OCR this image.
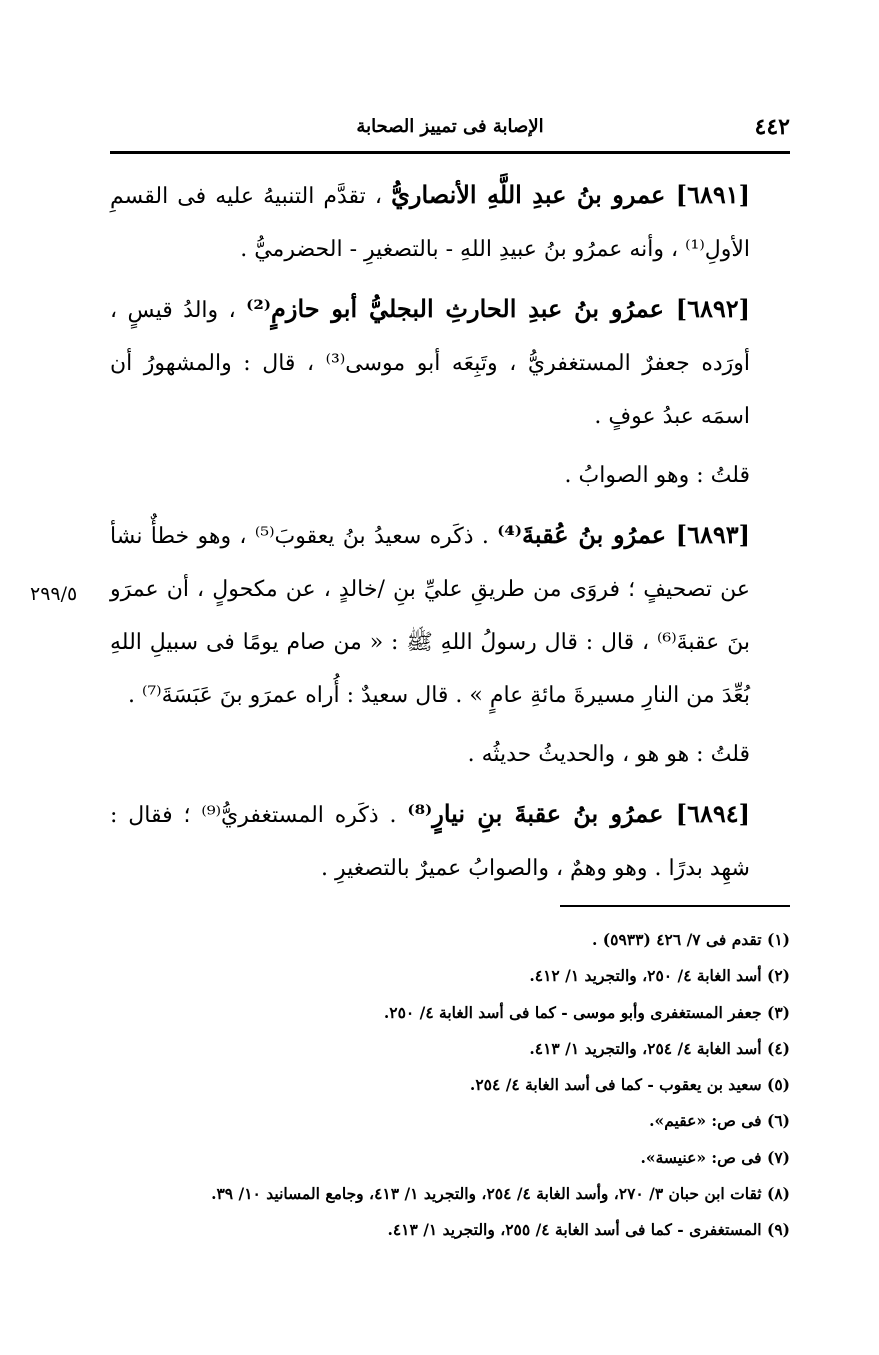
٤٤٢
الإصابة فى تمييز الصحابة
٢٩٩/٥

[٦٨٩١] عمرو بنُ عبدِ اللَّهِ الأنصاريُّ ، تقدَّم التنبيهُ عليه فى القسمِ الأولِ⁽¹⁾ ، وأنه عمرُو بنُ عبيدِ اللهِ - بالتصغيرِ - الحضرميُّ .

[٦٨٩٢] عمرُو بنُ عبدِ الحارثِ البجليُّ أبو حازمٍ⁽²⁾ ، والدُ قيسٍ ، أورَده جعفرٌ المستغفريُّ ، وتَبِعَه أبو موسى⁽³⁾ ، قال : والمشهورُ أن اسمَه عبدُ عوفٍ .

قلتُ : وهو الصوابُ .

[٦٨٩٣] عمرُو بنُ عُقبةَ⁽⁴⁾ . ذكَره سعيدُ بنُ يعقوبَ⁽⁵⁾ ، وهو خطأٌ نشأ عن تصحيفٍ ؛ فروَى من طريقِ عليِّ بنِ /خالدٍ ، عن مكحولٍ ، أن عمرَو بنَ عقبةَ⁽⁶⁾ ، قال : قال رسولُ اللهِ ﷺ : « من صام يومًا فى سبيلِ اللهِ بُعِّدَ من النارِ مسيرةَ مائةِ عامٍ » . قال سعيدٌ : أُراه عمرَو بنَ عَبَسَةَ⁽⁷⁾ .

قلتُ : هو هو ، والحديثُ حديثُه .

[٦٨٩٤] عمرُو بنُ عقبةَ بنِ نيارٍ⁽⁸⁾ . ذكَره المستغفريُّ⁽⁹⁾ ؛ فقال : شهِد بدرًا . وهو وهمٌ ، والصوابُ عميرٌ بالتصغيرِ .

(١) تقدم فى ٧/ ٤٢٦ (٥٩٣٣) .

(٢) أسد الغابة ٤/ ٢٥٠، والتجريد ١/ ٤١٢.

(٣) جعفر المستغفرى وأبو موسى - كما فى أسد الغابة ٤/ ٢٥٠.

(٤) أسد الغابة ٤/ ٢٥٤، والتجريد ١/ ٤١٣.

(٥) سعيد بن يعقوب - كما فى أسد الغابة ٤/ ٢٥٤.

(٦) فى ص: «عقيم».

(٧) فى ص: «عنيسة».

(٨) ثقات ابن حبان ٣/ ٢٧٠، وأسد الغابة ٤/ ٢٥٤، والتجريد ١/ ٤١٣، وجامع المسانيد ١٠/ ٣٩.

(٩) المستغفرى - كما فى أسد الغابة ٤/ ٢٥٥، والتجريد ١/ ٤١٣.
